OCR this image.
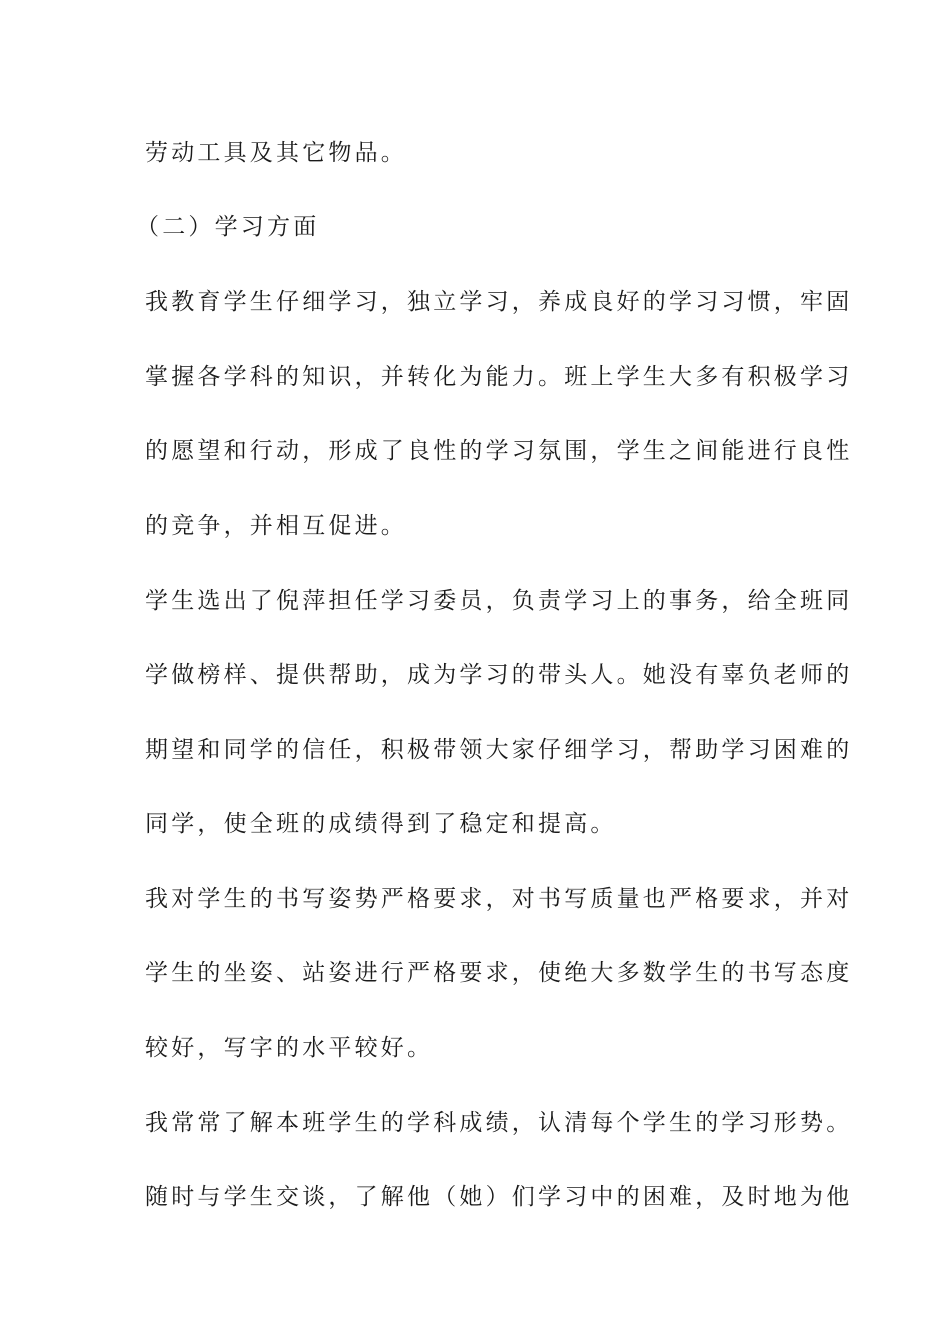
劳动工具及其它物品。
（二）学习方面
我教育学生仔细学习，独立学习，养成良好的学习习惯，牢固
掌握各学科的知识，并转化为能力。班上学生大多有积极学习
的愿望和行动，形成了良性的学习氛围，学生之间能进行良性
的竞争，并相互促进。
学生选出了倪萍担任学习委员，负责学习上的事务，给全班同
学做榜样、提供帮助，成为学习的带头人。她没有辜负老师的
期望和同学的信任，积极带领大家仔细学习，帮助学习困难的
同学，使全班的成绩得到了稳定和提高。
我对学生的书写姿势严格要求，对书写质量也严格要求，并对
学生的坐姿、站姿进行严格要求，使绝大多数学生的书写态度
较好，写字的水平较好。
我常常了解本班学生的学科成绩，认清每个学生的学习形势。
随时与学生交谈，了解他（她）们学习中的困难，及时地为他
